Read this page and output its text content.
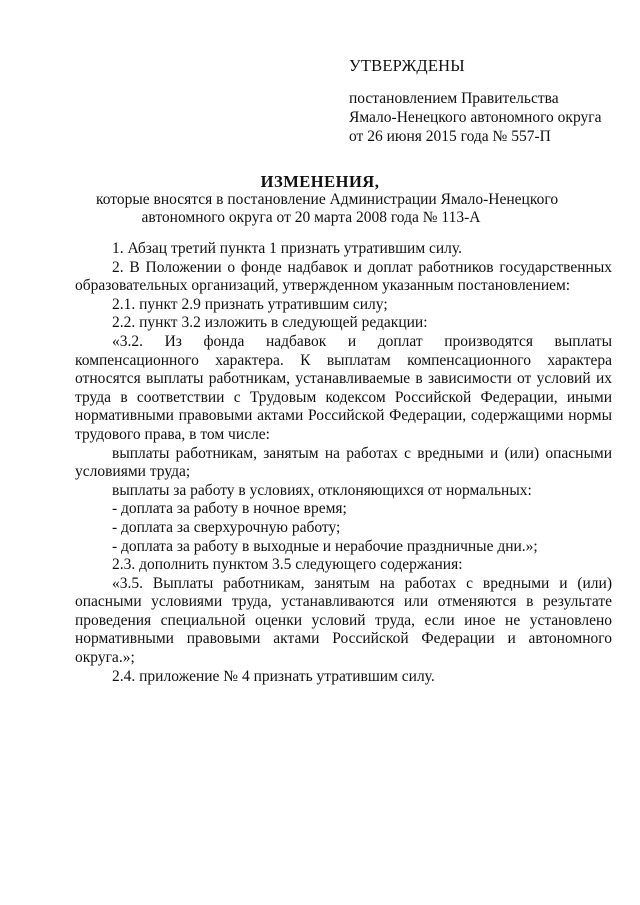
УТВЕРЖДЕНЫ
постановлением Правительства
Ямало-Ненецкого автономного округа
от 26 июня 2015 года № 557-П
ИЗМЕНЕНИЯ,
которые вносятся в постановление Администрации Ямало-Ненецкого
автономного округа от 20 марта 2008 года № 113-А

1. Абзац третий пункта 1 признать утратившим силу.

2. В Положении о фонде надбавок и доплат работников государственных образовательных организаций, утвержденном указанным постановлением:

2.1. пункт 2.9 признать утратившим силу;

2.2. пункт 3.2 изложить в следующей редакции:

«3.2. Из фонда надбавок и доплат производятся выплаты компенсационного характера. К выплатам компенсационного характера относятся выплаты работникам, устанавливаемые в зависимости от условий их труда в соответствии с Трудовым кодексом Российской Федерации, иными нормативными правовыми актами Российской Федерации, содержащими нормы трудового права, в том числе:

выплаты работникам, занятым на работах с вредными и (или) опасными условиями труда;

выплаты за работу в условиях, отклоняющихся от нормальных:

- доплата за работу в ночное время;

- доплата за сверхурочную работу;

- доплата за работу в выходные и нерабочие праздничные дни.»;

2.3. дополнить пунктом 3.5 следующего содержания:

«3.5. Выплаты работникам, занятым на работах с вредными и (или) опасными условиями труда, устанавливаются или отменяются в результате проведения специальной оценки условий труда, если иное не установлено нормативными правовыми актами Российской Федерации и автономного округа.»;

2.4. приложение № 4 признать утратившим силу.
